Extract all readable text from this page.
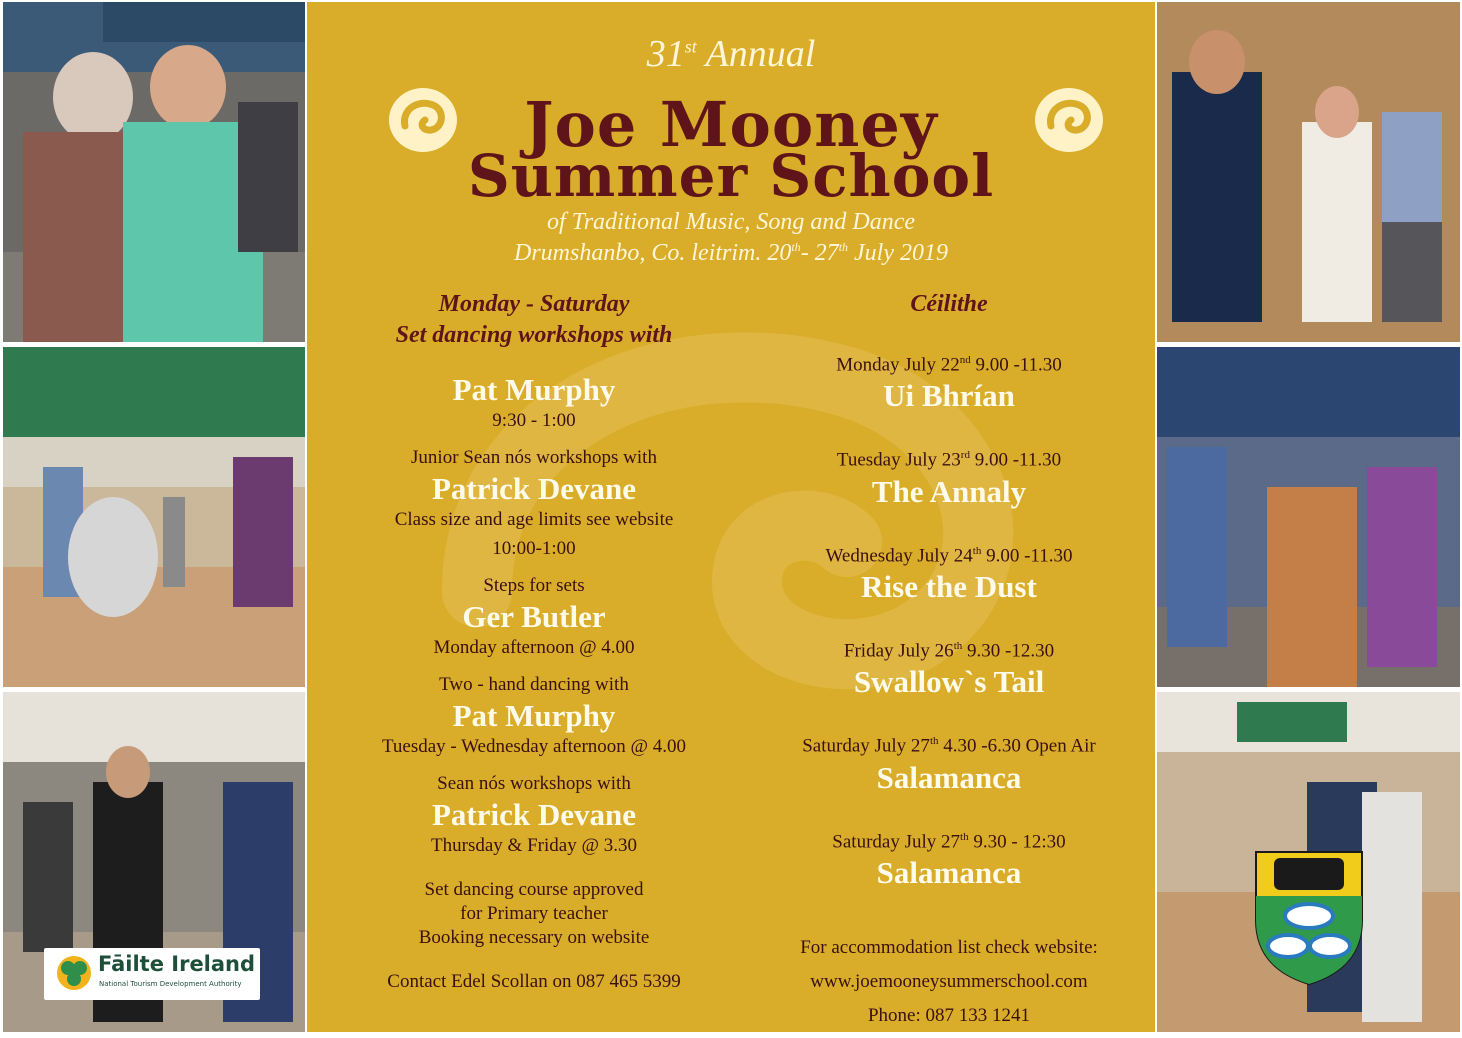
Fāilte Ireland
National Tourism Development Authority
31st Annual
Joe Mooney
Summer School
of Traditional Music, Song and Dance
Drumshanbo, Co. leitrim. 20th- 27th July 2019
Monday - Saturday
Set dancing workshops with
Pat Murphy
9:30 - 1:00
Junior Sean nós workshops with
Patrick Devane
Class size and age limits see website
10:00-1:00
Steps for sets
Ger Butler
Monday afternoon @ 4.00
Two - hand dancing with
Pat Murphy
Tuesday - Wednesday afternoon @ 4.00
Sean nós workshops with
Patrick Devane
Thursday & Friday @ 3.30
Set dancing course approved
for Primary teacher
Booking necessary on website
Contact Edel Scollan on 087 465 5399
Céilithe
Monday July 22nd 9.00 -11.30
Ui Bhrían
Tuesday July 23rd 9.00 -11.30
The Annaly
Wednesday July 24th 9.00 -11.30
Rise the Dust
Friday July 26th 9.30 -12.30
Swallow`s Tail
Saturday July 27th 4.30 -6.30 Open Air
Salamanca
Saturday July 27th 9.30 - 12:30
Salamanca
For accommodation list check website:
www.joemooneysummerschool.com
Phone: 087 133 1241
